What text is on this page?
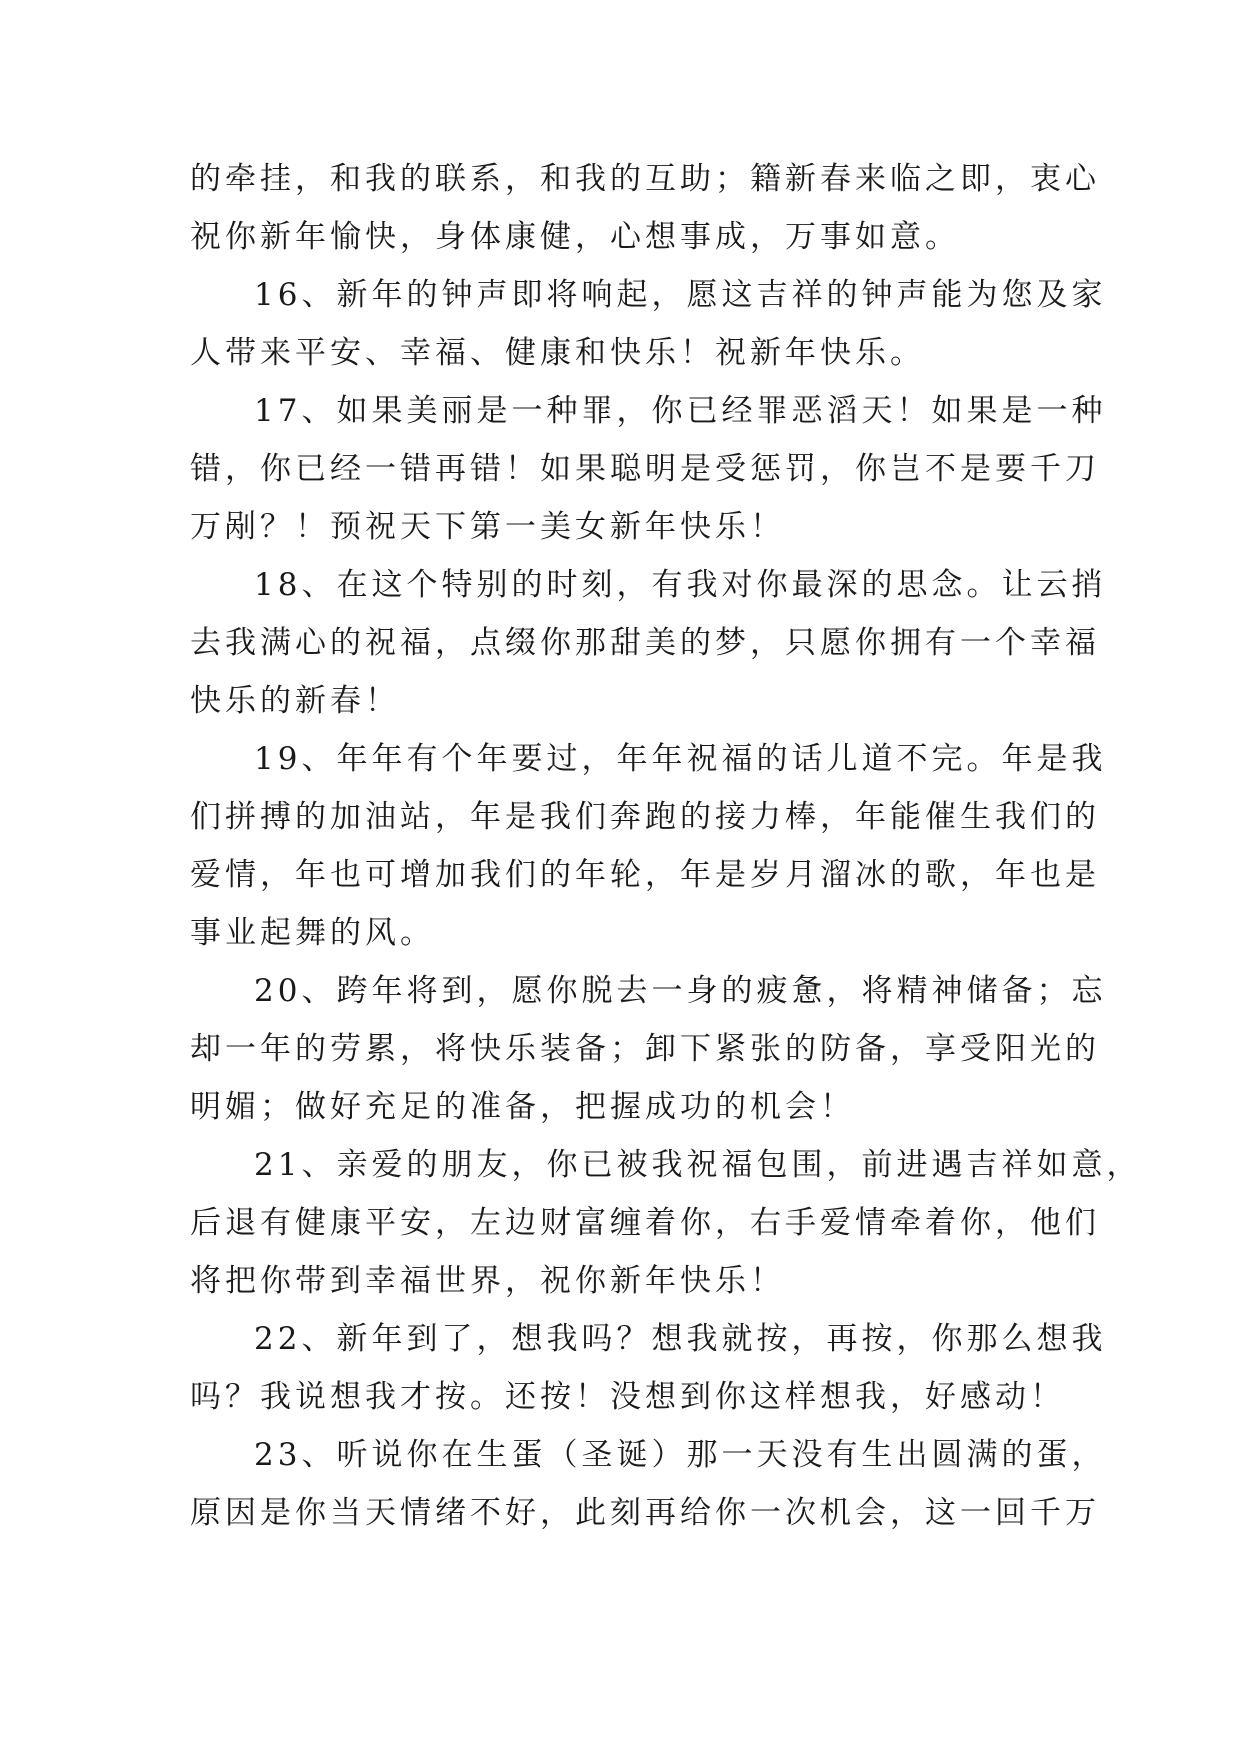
的牵挂，和我的联系，和我的互助；籍新春来临之即，衷心
祝你新年愉快，身体康健，心想事成，万事如意。
16、新年的钟声即将响起，愿这吉祥的钟声能为您及家
人带来平安、幸福、健康和快乐！祝新年快乐。
17、如果美丽是一种罪，你已经罪恶滔天！如果是一种
错，你已经一错再错！如果聪明是受惩罚，你岂不是要千刀
万剐？！预祝天下第一美女新年快乐！
18、在这个特别的时刻，有我对你最深的思念。让云捎
去我满心的祝福，点缀你那甜美的梦，只愿你拥有一个幸福
快乐的新春！
19、年年有个年要过，年年祝福的话儿道不完。年是我
们拼搏的加油站，年是我们奔跑的接力棒，年能催生我们的
爱情，年也可增加我们的年轮，年是岁月溜冰的歌，年也是
事业起舞的风。
20、跨年将到，愿你脱去一身的疲惫，将精神储备；忘
却一年的劳累，将快乐装备；卸下紧张的防备，享受阳光的
明媚；做好充足的准备，把握成功的机会！
21、亲爱的朋友，你已被我祝福包围，前进遇吉祥如意，
后退有健康平安，左边财富缠着你，右手爱情牵着你，他们
将把你带到幸福世界，祝你新年快乐！
22、新年到了，想我吗？想我就按，再按，你那么想我
吗？我说想我才按。还按！没想到你这样想我，好感动！
23、听说你在生蛋（圣诞）那一天没有生出圆满的蛋，
原因是你当天情绪不好，此刻再给你一次机会，这一回千万
